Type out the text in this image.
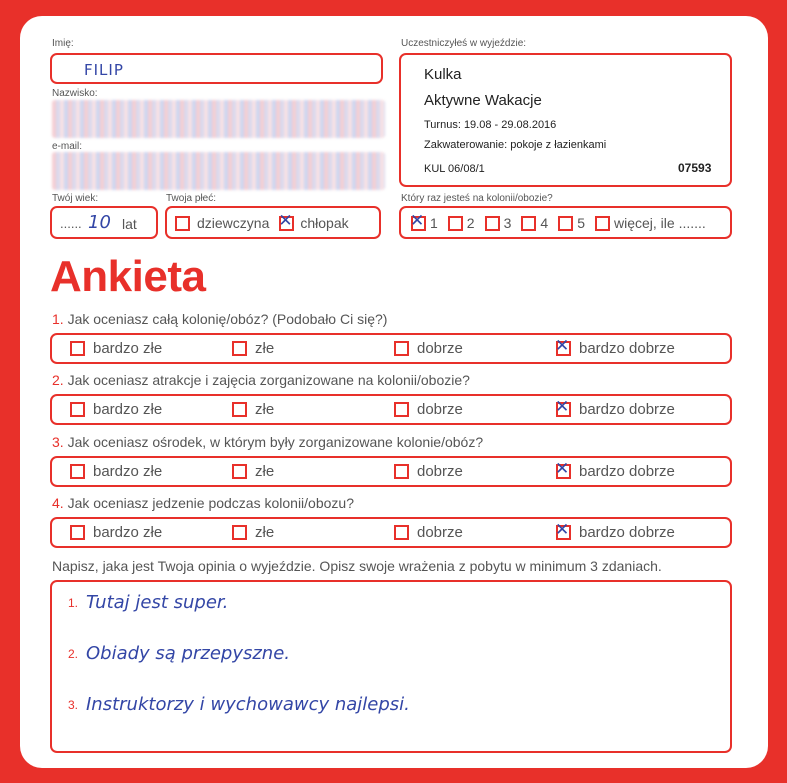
Imię:
FILIP
Nazwisko:
e-mail:
Twój wiek:
...... 10 lat
Twoja płeć:
dziewczyna ✕ chłopak
Uczestniczyłeś w wyjeździe:
Kulka
Aktywne Wakacje
Turnus: 19.08 - 29.08.2016
Zakwaterowanie: pokoje z łazienkami
KUL 06/08/1	07593
Który raz jesteś na kolonii/obozie?
✕ 1 2 3 4 5 więcej, ile .......
Ankieta
1. Jak oceniasz całą kolonię/obóz? (Podobało Ci się?)
bardzo złe	złe	dobrze	✕ bardzo dobrze
2. Jak oceniasz atrakcje i zajęcia zorganizowane na kolonii/obozie?
bardzo złe	złe	dobrze	✕ bardzo dobrze
3. Jak oceniasz ośrodek, w którym były zorganizowane kolonie/obóz?
bardzo złe	złe	dobrze	✕ bardzo dobrze
4. Jak oceniasz jedzenie podczas kolonii/obozu?
bardzo złe	złe	dobrze	✕ bardzo dobrze
Napisz, jaka jest Twoja opinia o wyjeździe. Opisz swoje wrażenia z pobytu w minimum 3 zdaniach.
1. Tutaj jest super.
2. Obiady są przepyszne.
3. Instruktorzy i wychowawcy najlepsi.
